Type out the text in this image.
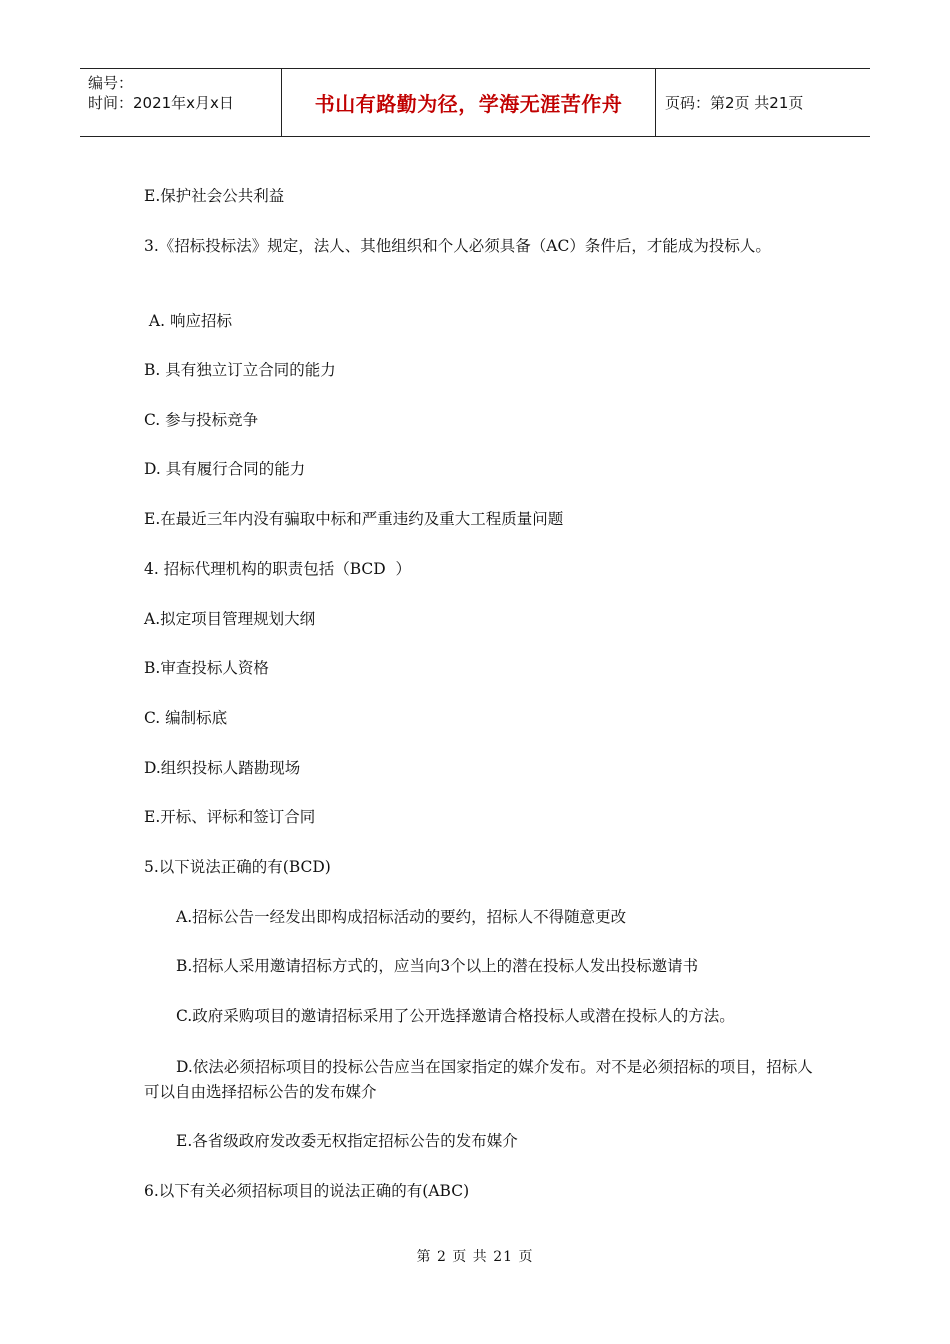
编号：
时间：2021年x月x日	书山有路勤为径，学海无涯苦作舟	页码：第2页 共21页
E.保护社会公共利益
3.《招标投标法》规定，法人、其他组织和个人必须具备（AC）条件后，才能成为投标人。
A. 响应招标
B. 具有独立订立合同的能力
C. 参与投标竞争
D. 具有履行合同的能力
E.在最近三年内没有骗取中标和严重违约及重大工程质量问题
4. 招标代理机构的职责包括（BCD  ）
A.拟定项目管理规划大纲
B.审查投标人资格
C. 编制标底
D.组织投标人踏勘现场
E.开标、评标和签订合同
5.以下说法正确的有(BCD)
A.招标公告一经发出即构成招标活动的要约，招标人不得随意更改
B.招标人采用邀请招标方式的，应当向3个以上的潜在投标人发出投标邀请书
C.政府采购项目的邀请招标采用了公开选择邀请合格投标人或潜在投标人的方法。
D.依法必须招标项目的投标公告应当在国家指定的媒介发布。对不是必须招标的项目，招标人可以自由选择招标公告的发布媒介
E.各省级政府发改委无权指定招标公告的发布媒介
6.以下有关必须招标项目的说法正确的有(ABC)
第 2 页 共 21 页
